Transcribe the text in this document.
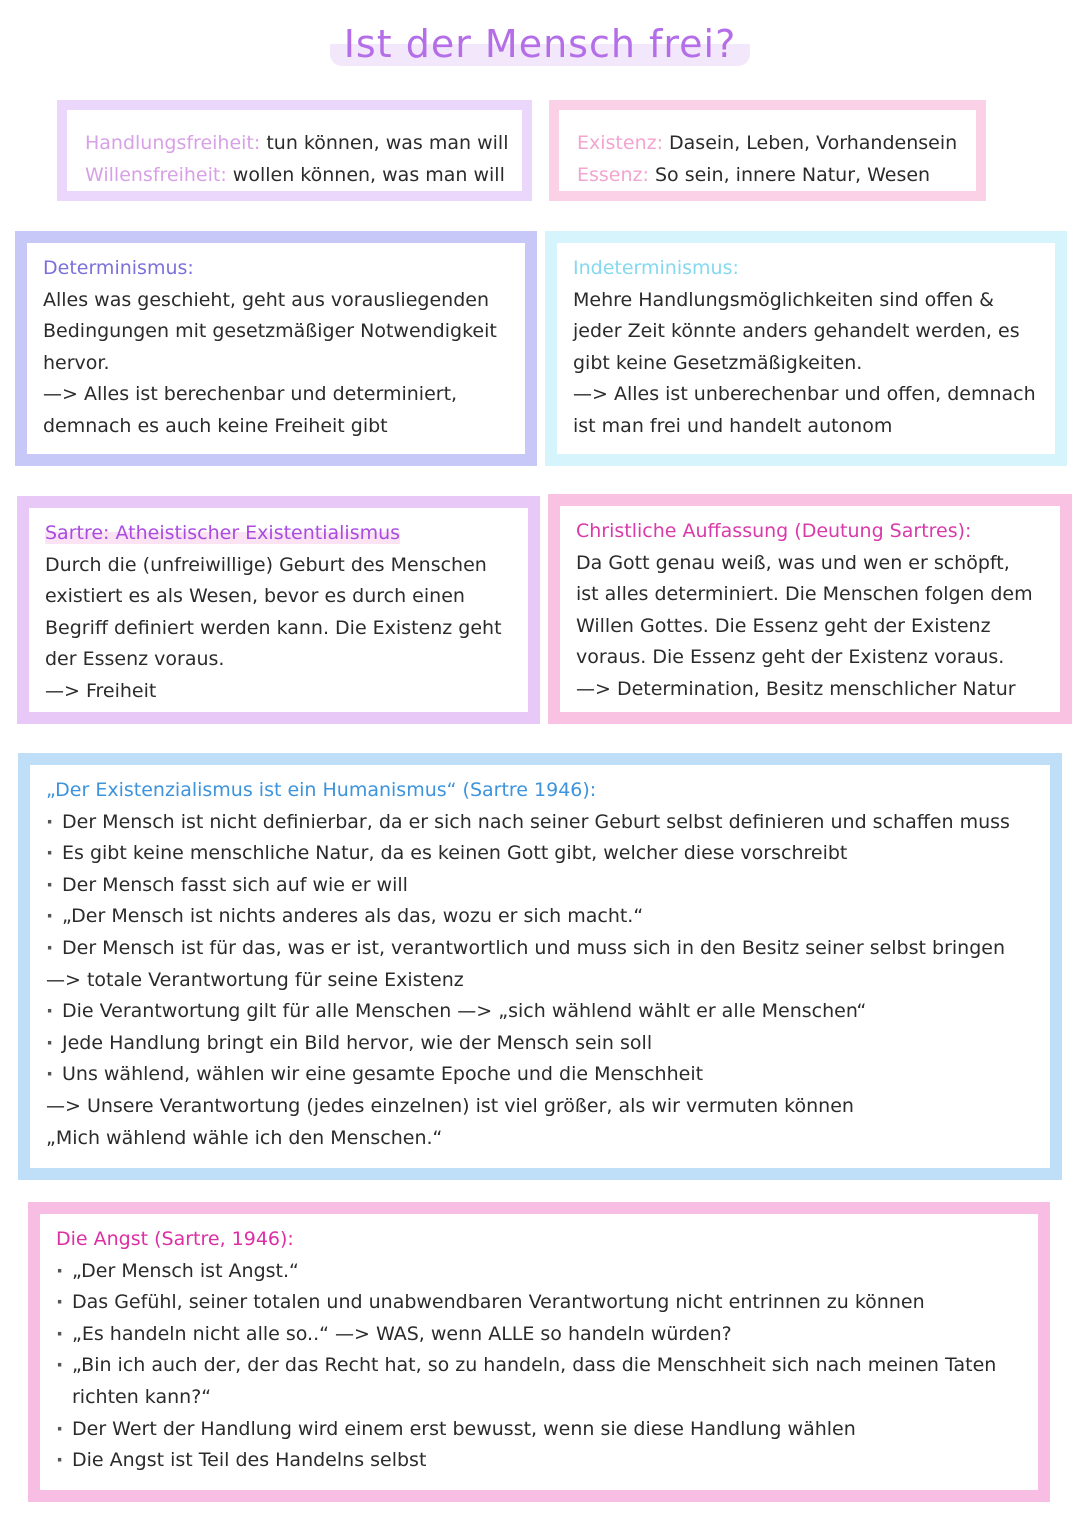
Ist der Mensch frei?

Handlungsfreiheit: tun können, was man will

Willensfreiheit: wollen können, was man will

Existenz: Dasein, Leben, Vorhandensein

Essenz: So sein, innere Natur, Wesen

Determinismus:

Alles was geschieht, geht aus vorausliegenden

Bedingungen mit gesetzmäßiger Notwendigkeit

hervor.

—> Alles ist berechenbar und determiniert,

demnach es auch keine Freiheit gibt

Indeterminismus:

Mehre Handlungsmöglichkeiten sind offen &

jeder Zeit könnte anders gehandelt werden, es

gibt keine Gesetzmäßigkeiten.

—> Alles ist unberechenbar und offen, demnach

ist man frei und handelt autonom

Sartre: Atheistischer Existentialismus

Durch die (unfreiwillige) Geburt des Menschen

existiert es als Wesen, bevor es durch einen

Begriff definiert werden kann. Die Existenz geht

der Essenz voraus.

—> Freiheit

Christliche Auffassung (Deutung Sartres):

Da Gott genau weiß, was und wen er schöpft,

ist alles determiniert. Die Menschen folgen dem

Willen Gottes. Die Essenz geht der Existenz

voraus. Die Essenz geht der Existenz voraus.

—> Determination, Besitz menschlicher Natur

„Der Existenzialismus ist ein Humanismus“ (Sartre 1946):

· Der Mensch ist nicht definierbar, da er sich nach seiner Geburt selbst definieren und schaffen muss

· Es gibt keine menschliche Natur, da es keinen Gott gibt, welcher diese vorschreibt

· Der Mensch fasst sich auf wie er will

· „Der Mensch ist nichts anderes als das, wozu er sich macht.“

· Der Mensch ist für das, was er ist, verantwortlich und muss sich in den Besitz seiner selbst bringen

—> totale Verantwortung für seine Existenz

· Die Verantwortung gilt für alle Menschen —> „sich wählend wählt er alle Menschen“

· Jede Handlung bringt ein Bild hervor, wie der Mensch sein soll

· Uns wählend, wählen wir eine gesamte Epoche und die Menschheit

—> Unsere Verantwortung (jedes einzelnen) ist viel größer, als wir vermuten können

„Mich wählend wähle ich den Menschen.“

Die Angst (Sartre, 1946):

· „Der Mensch ist Angst.“

· Das Gefühl, seiner totalen und unabwendbaren Verantwortung nicht entrinnen zu können

· „Es handeln nicht alle so..“ —> WAS, wenn ALLE so handeln würden?

· „Bin ich auch der, der das Recht hat, so zu handeln, dass die Menschheit sich nach meinen Taten richten kann?“

· Der Wert der Handlung wird einem erst bewusst, wenn sie diese Handlung wählen

· Die Angst ist Teil des Handelns selbst
